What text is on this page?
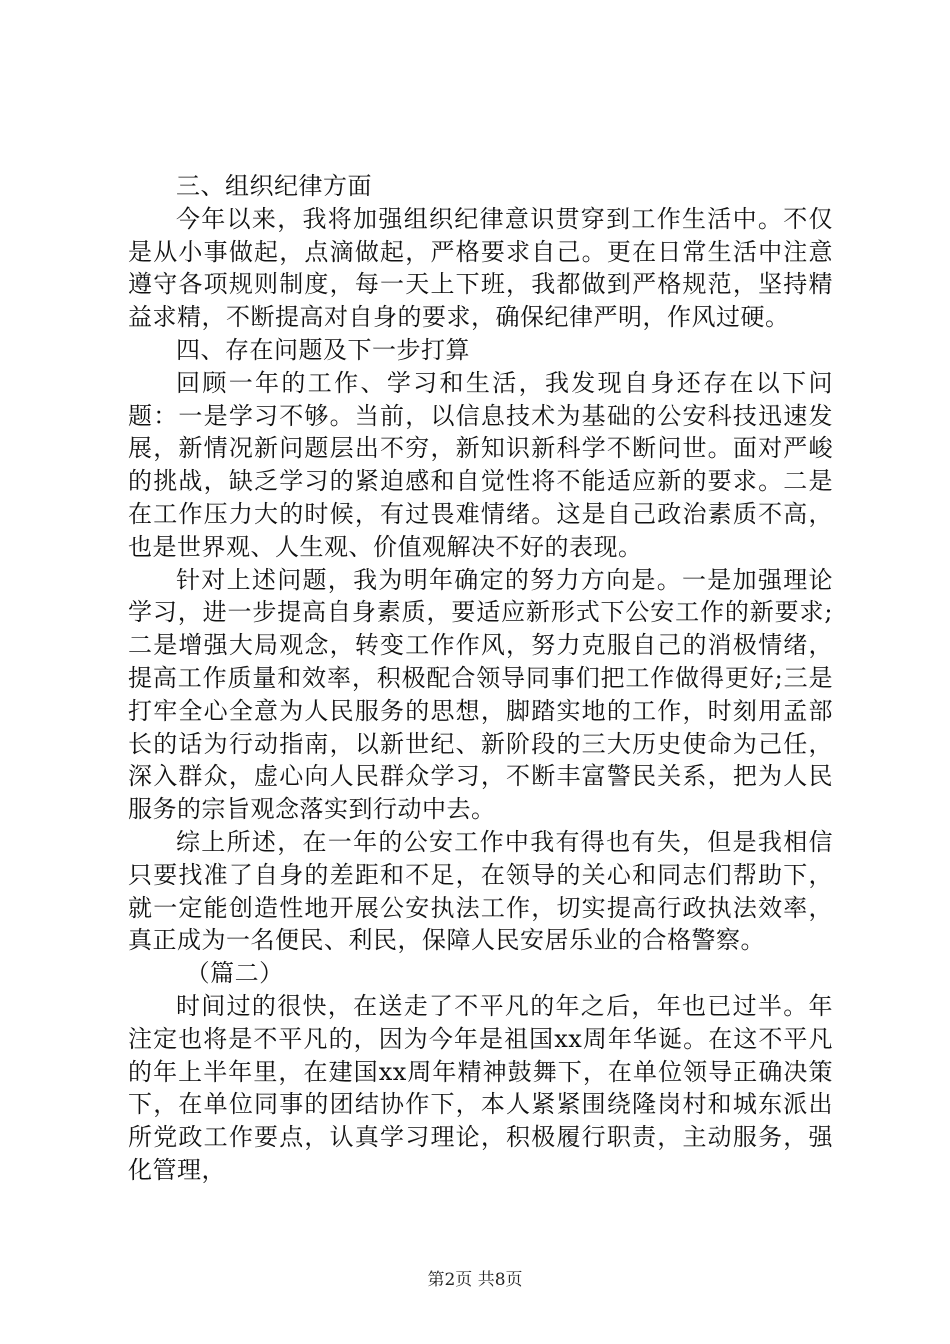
三、组织纪律方面

今年以来，我将加强组织纪律意识贯穿到工作生活中。不仅是从小事做起，点滴做起，严格要求自己。更在日常生活中注意遵守各项规则制度，每一天上下班，我都做到严格规范，坚持精益求精，不断提高对自身的要求，确保纪律严明，作风过硬。

四、存在问题及下一步打算

回顾一年的工作、学习和生活，我发现自身还存在以下问题：一是学习不够。当前，以信息技术为基础的公安科技迅速发展，新情况新问题层出不穷，新知识新科学不断问世。面对严峻的挑战，缺乏学习的紧迫感和自觉性将不能适应新的要求。二是在工作压力大的时候，有过畏难情绪。这是自己政治素质不高，也是世界观、人生观、价值观解决不好的表现。

针对上述问题，我为明年确定的努力方向是。一是加强理论学习，进一步提高自身素质，要适应新形式下公安工作的新要求;二是增强大局观念，转变工作作风，努力克服自己的消极情绪，提高工作质量和效率，积极配合领导同事们把工作做得更好;三是打牢全心全意为人民服务的思想，脚踏实地的工作，时刻用孟部长的话为行动指南，以新世纪、新阶段的三大历史使命为己任，深入群众，虚心向人民群众学习，不断丰富警民关系，把为人民服务的宗旨观念落实到行动中去。

综上所述，在一年的公安工作中我有得也有失，但是我相信只要找准了自身的差距和不足，在领导的关心和同志们帮助下，就一定能创造性地开展公安执法工作，切实提高行政执法效率，真正成为一名便民、利民，保障人民安居乐业的合格警察。

（篇二）

时间过的很快，在送走了不平凡的年之后，年也已过半。年注定也将是不平凡的，因为今年是祖国xx周年华诞。在这不平凡的年上半年里，在建国xx周年精神鼓舞下，在单位领导正确决策下，在单位同事的团结协作下，本人紧紧围绕隆岗村和城东派出所党政工作要点，认真学习理论，积极履行职责，主动服务，强化管理，

第2页 共8页
